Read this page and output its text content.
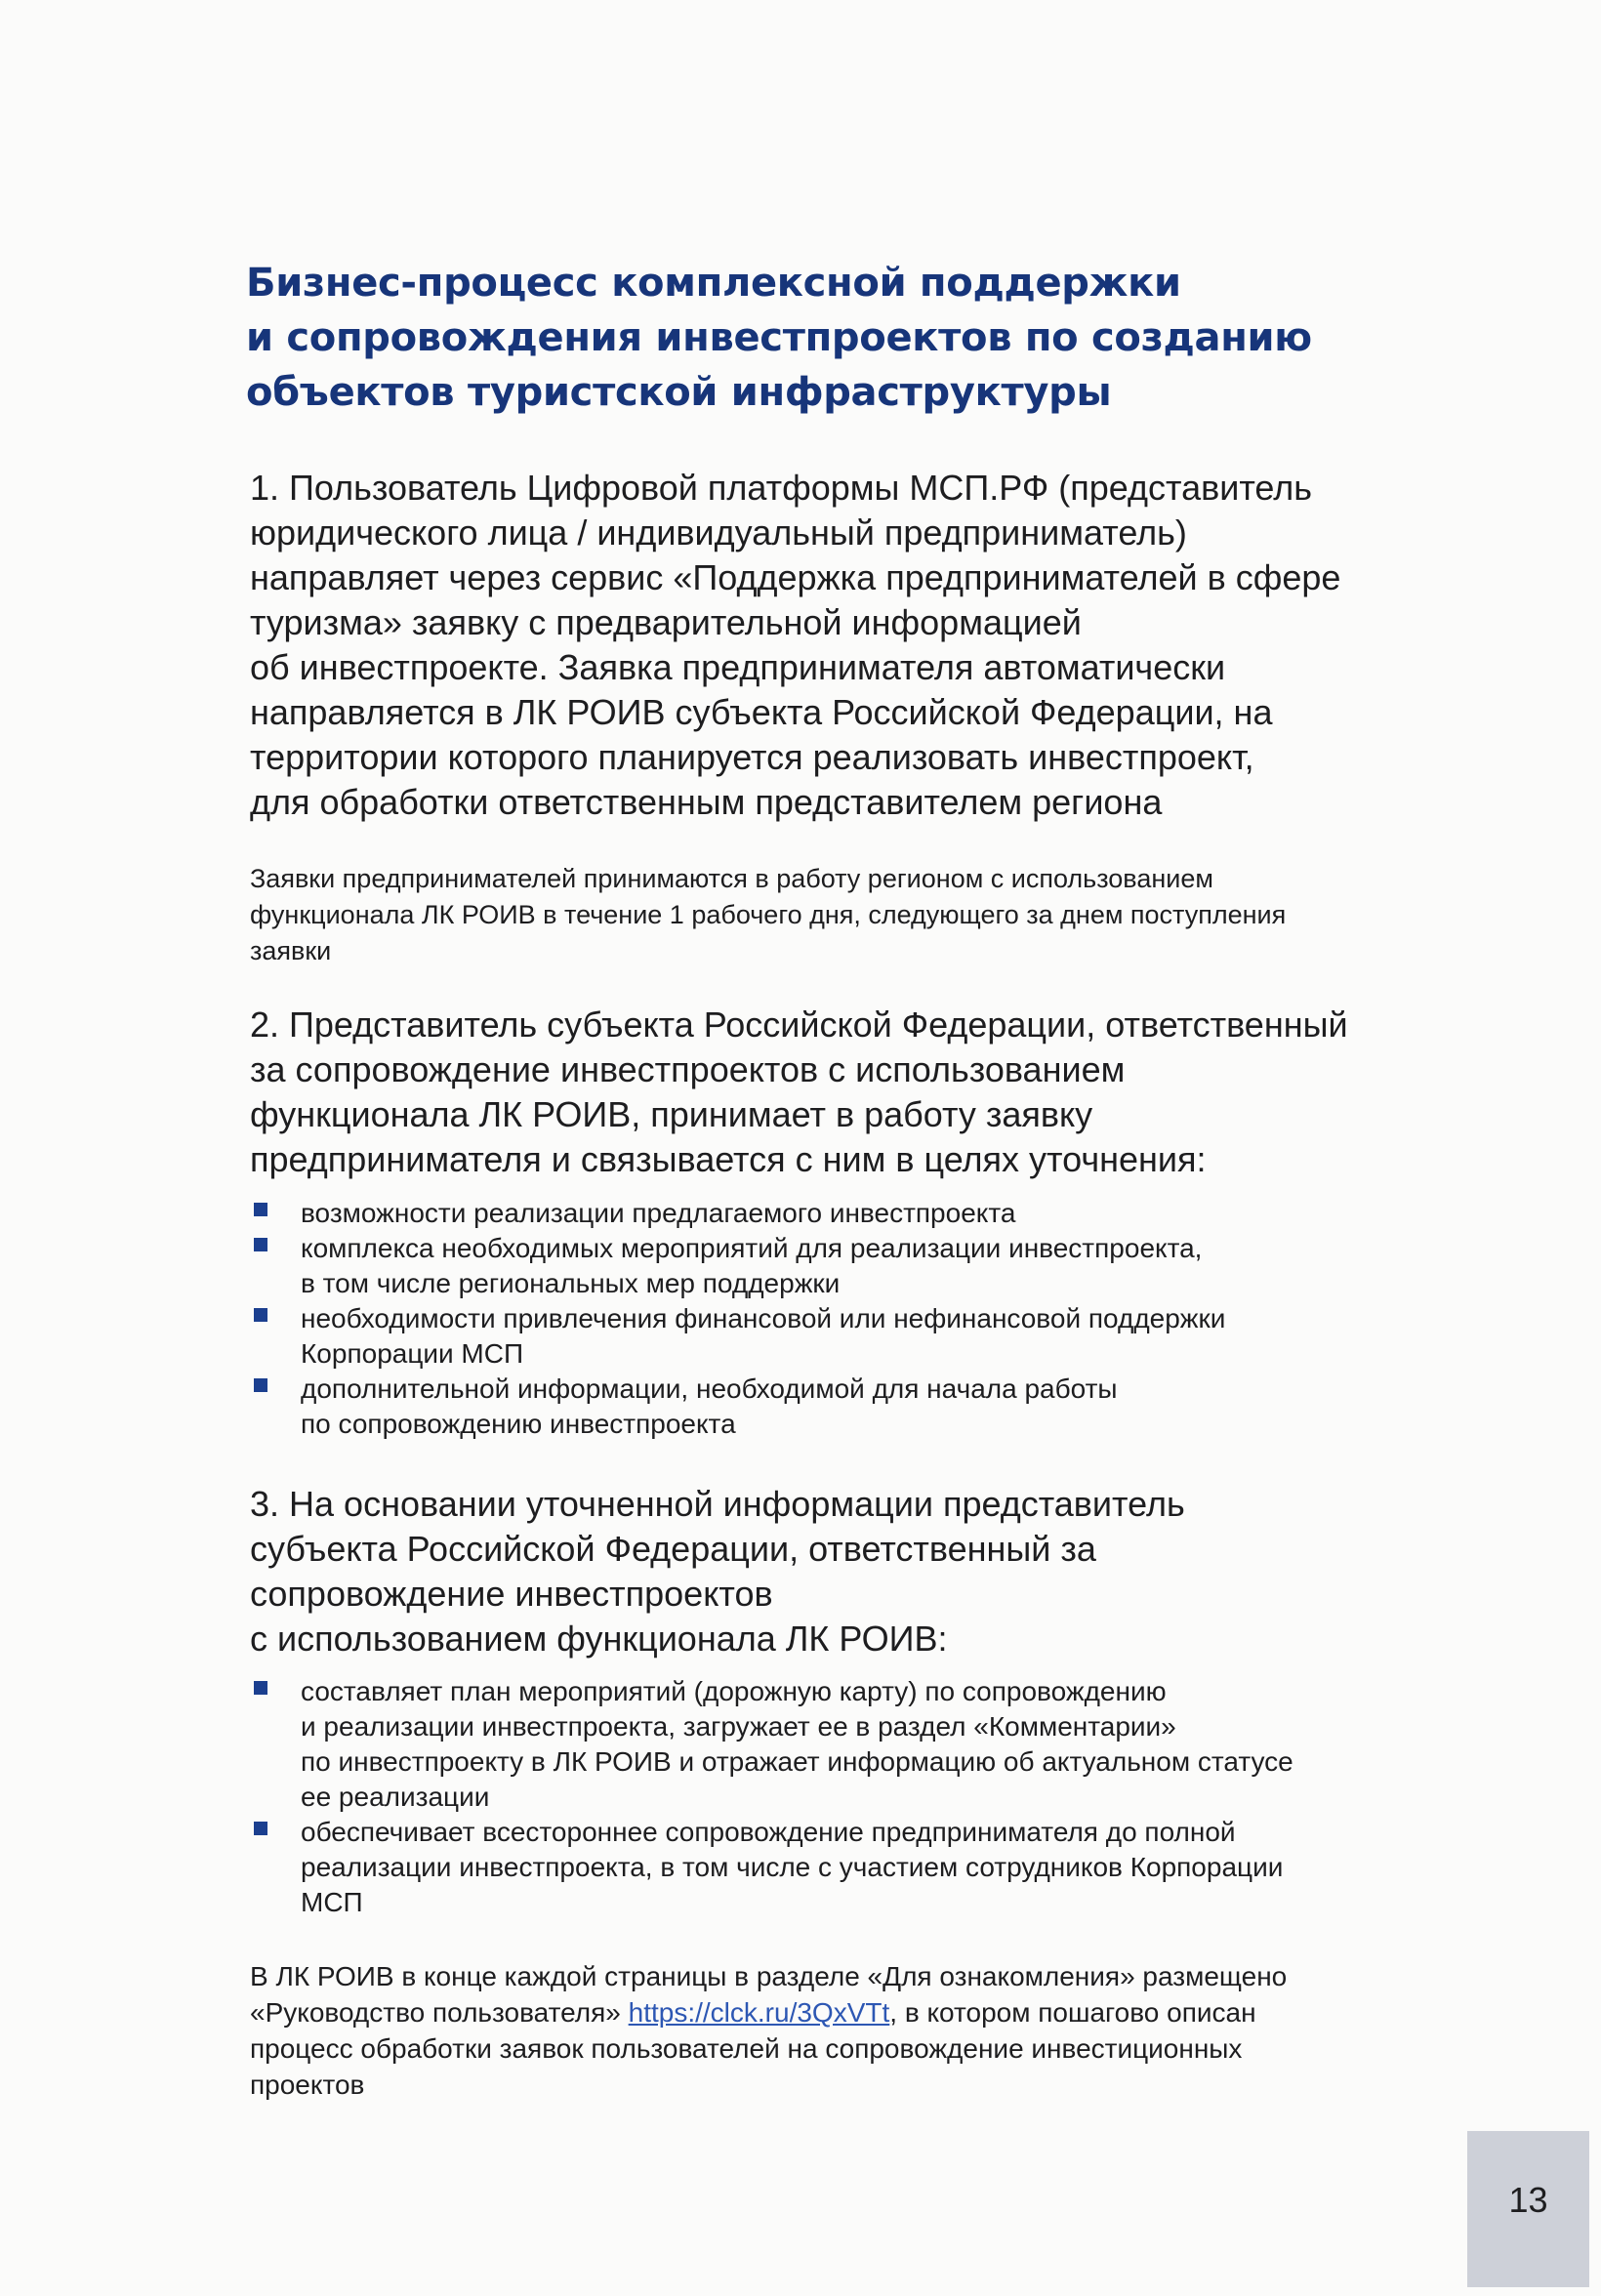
Бизнес-процесс комплексной поддержки
и сопровождения инвестпроектов по созданию
объектов туристской инфраструктуры
1. Пользователь Цифровой платформы МСП.РФ (представитель
юридического лица / индивидуальный предприниматель)
направляет через сервис «Поддержка предпринимателей в сфере
туризма» заявку с предварительной информацией
об инвестпроекте. Заявка предпринимателя автоматически
направляется в ЛК РОИВ субъекта Российской Федерации, на
территории которого планируется реализовать инвестпроект,
для обработки ответственным представителем региона
Заявки предпринимателей принимаются в работу регионом с использованием
функционала ЛК РОИВ в течение 1 рабочего дня, следующего за днем поступления
заявки
2. Представитель субъекта Российской Федерации, ответственный
за сопровождение инвестпроектов с использованием
функционала ЛК РОИВ, принимает в работу заявку
предпринимателя и связывается с ним в целях уточнения:
возможности реализации предлагаемого инвестпроекта
комплекса необходимых мероприятий для реализации инвестпроекта,
в том числе региональных мер поддержки
необходимости привлечения финансовой или нефинансовой поддержки
Корпорации МСП
дополнительной информации, необходимой для начала работы
по сопровождению инвестпроекта
3. На основании уточненной информации представитель
субъекта Российской Федерации, ответственный за
сопровождение инвестпроектов
с использованием функционала ЛК РОИВ:
составляет план мероприятий (дорожную карту) по сопровождению
и реализации инвестпроекта, загружает ее в раздел «Комментарии»
по инвестпроекту в ЛК РОИВ и отражает информацию об актуальном статусе
ее реализации
обеспечивает всестороннее сопровождение предпринимателя до полной
реализации инвестпроекта, в том числе с участием сотрудников Корпорации
МСП
В ЛК РОИВ в конце каждой страницы в разделе «Для ознакомления» размещено
«Руководство пользователя» https://clck.ru/3QxVTt, в котором пошагово описан
процесс обработки заявок пользователей на сопровождение инвестиционных
проектов
13
